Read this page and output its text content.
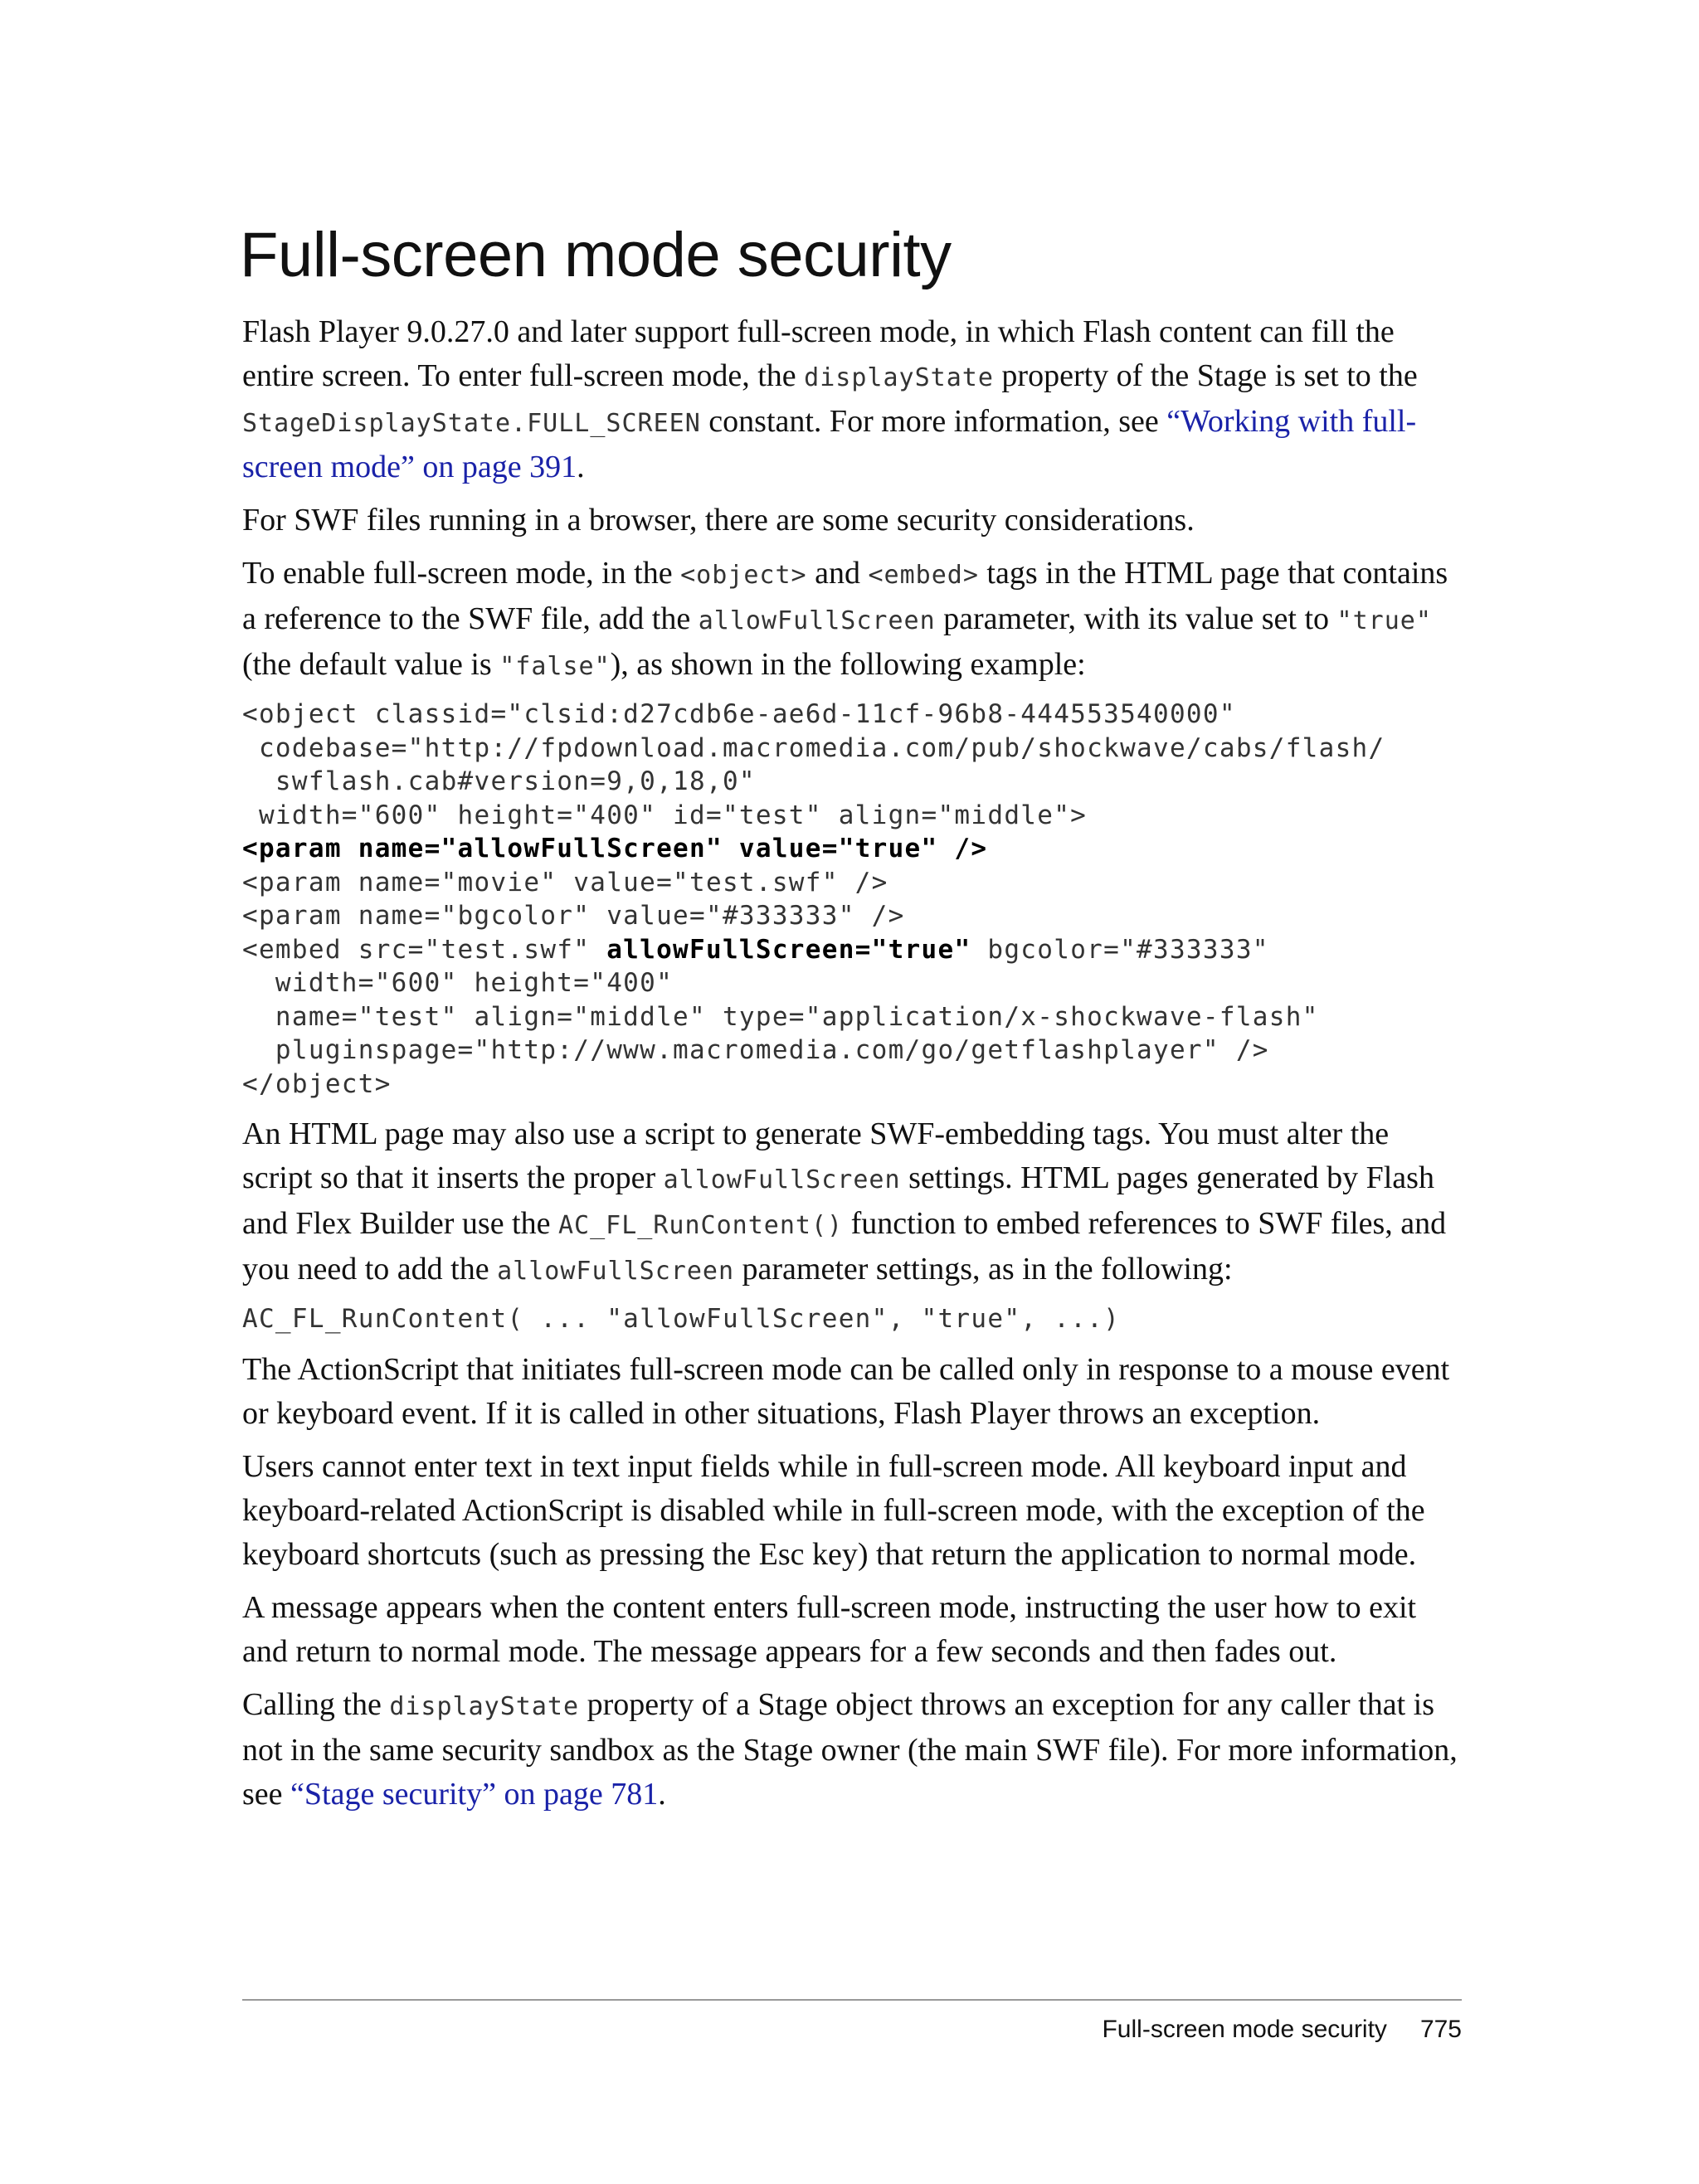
Full-screen mode security

Flash Player 9.0.27.0 and later support full-screen mode, in which Flash content can fill the entire screen. To enter full-screen mode, the displayState property of the Stage is set to the StageDisplayState.FULL_SCREEN constant. For more information, see “Working with full-screen mode” on page 391.

For SWF files running in a browser, there are some security considerations.

To enable full-screen mode, in the <object> and <embed> tags in the HTML page that contains a reference to the SWF file, add the allowFullScreen parameter, with its value set to "true" (the default value is "false"), as shown in the following example:

<object classid="clsid:d27cdb6e-ae6d-11cf-96b8-444553540000"
codebase="http://fpdownload.macromedia.com/pub/shockwave/cabs/flash/
swflash.cab#version=9,0,18,0"
width="600" height="400" id="test" align="middle">
<param name="allowFullScreen" value="true" />
<param name="movie" value="test.swf" />
<param name="bgcolor" value="#333333" />
<embed src="test.swf" allowFullScreen="true" bgcolor="#333333"
width="600" height="400"
name="test" align="middle" type="application/x-shockwave-flash"
pluginspage="http://www.macromedia.com/go/getflashplayer" />
</object>

An HTML page may also use a script to generate SWF-embedding tags. You must alter the script so that it inserts the proper allowFullScreen settings. HTML pages generated by Flash and Flex Builder use the AC_FL_RunContent() function to embed references to SWF files, and you need to add the allowFullScreen parameter settings, as in the following:

AC_FL_RunContent( ... "allowFullScreen", "true", ...)

The ActionScript that initiates full-screen mode can be called only in response to a mouse event or keyboard event. If it is called in other situations, Flash Player throws an exception.

Users cannot enter text in text input fields while in full-screen mode. All keyboard input and keyboard-related ActionScript is disabled while in full-screen mode, with the exception of the keyboard shortcuts (such as pressing the Esc key) that return the application to normal mode.

A message appears when the content enters full-screen mode, instructing the user how to exit and return to normal mode. The message appears for a few seconds and then fades out.

Calling the displayState property of a Stage object throws an exception for any caller that is not in the same security sandbox as the Stage owner (the main SWF file). For more information, see “Stage security” on page 781.

Full-screen mode security 775
